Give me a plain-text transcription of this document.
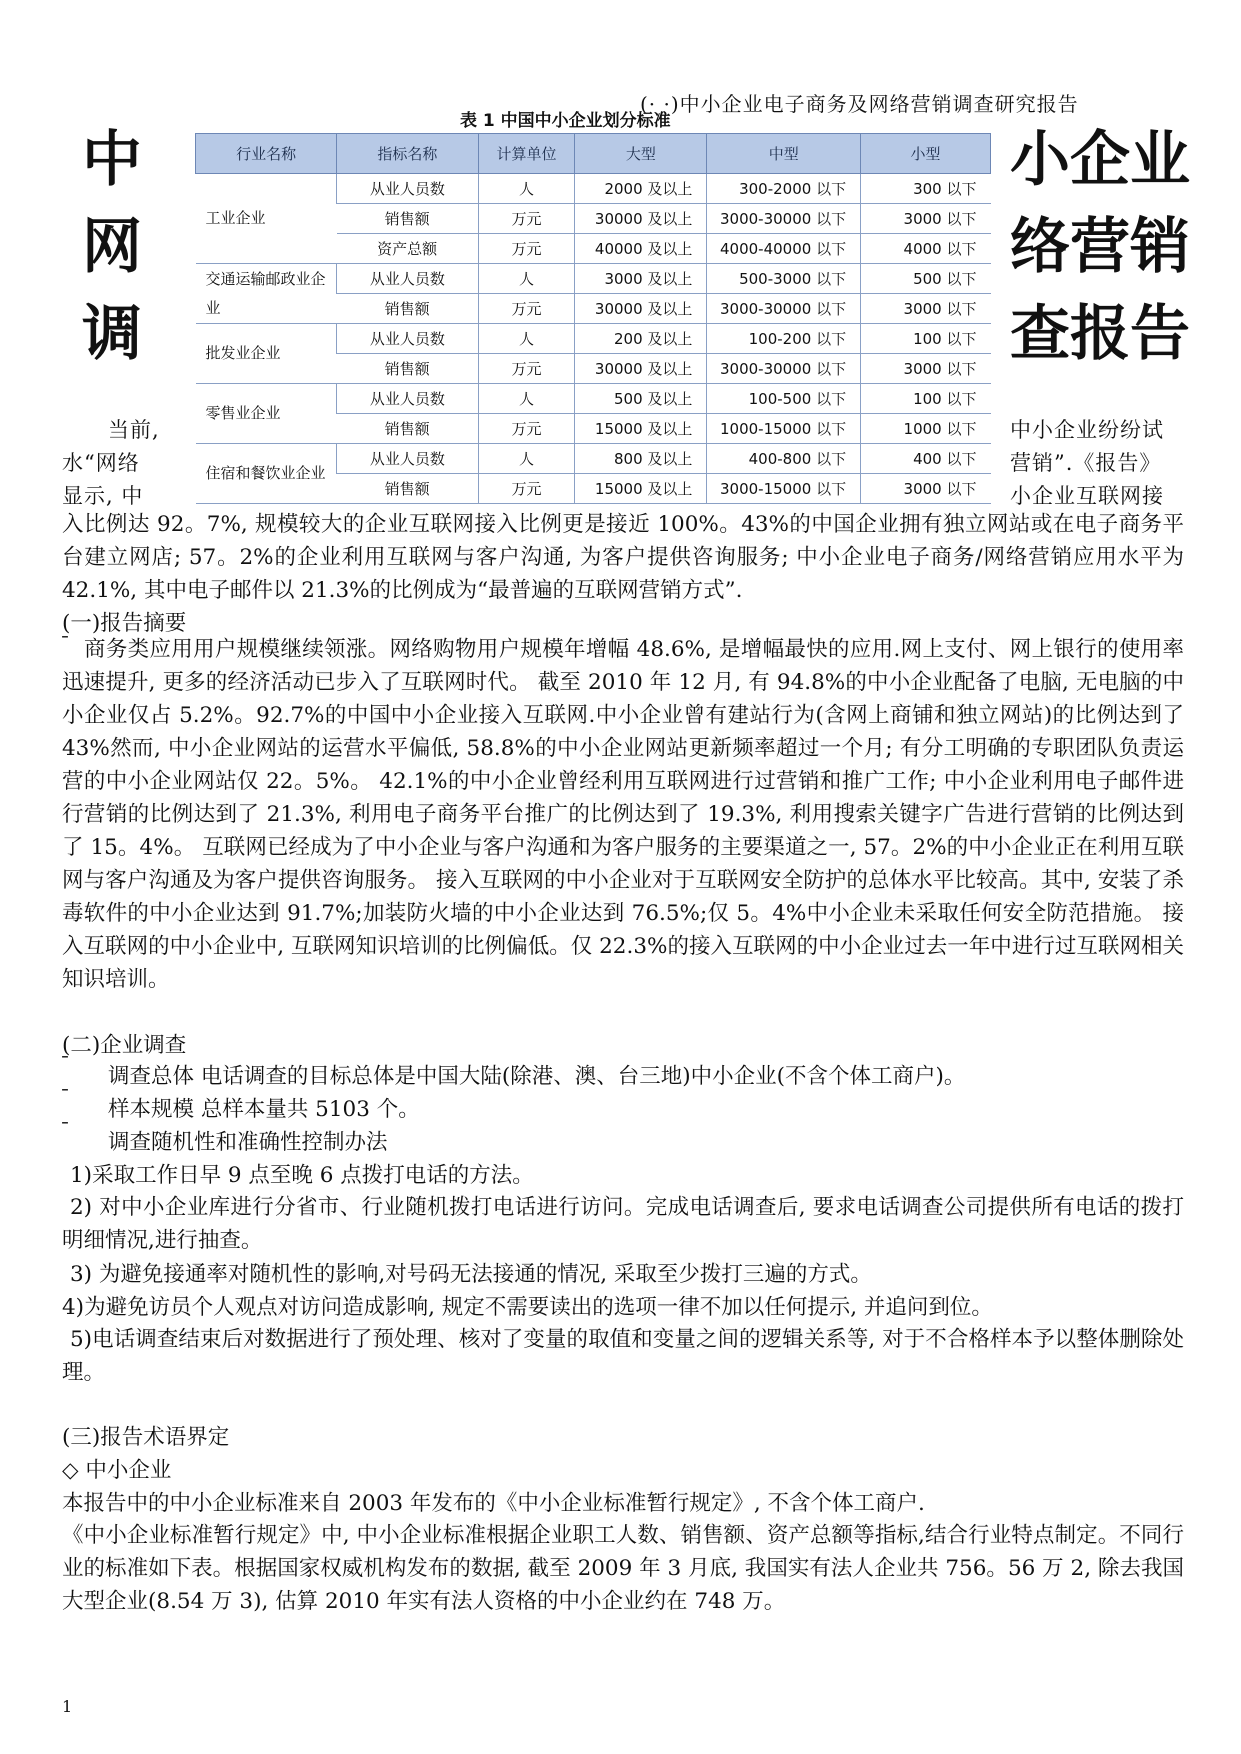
(· ·)中小企业电子商务及网络营销调查研究报告
中
网
调
小企业
络营销
查报告
表 1 中国中小企业划分标准
行业名称	指标名称	计算单位	大型	中型	小型
工业企业	从业人员数	人	2000 及以上	300-2000 以下	300 以下
	销售额	万元	30000 及以上	3000-30000 以下	3000 以下
	资产总额	万元	40000 及以上	4000-40000 以下	4000 以下
交通运输邮政业企业	从业人员数	人	3000 及以上	500-3000 以下	500 以下
	销售额	万元	30000 及以上	3000-30000 以下	3000 以下
批发业企业	从业人员数	人	200 及以上	100-200 以下	100 以下
	销售额	万元	30000 及以上	3000-30000 以下	3000 以下
零售业企业	从业人员数	人	500 及以上	100-500 以下	100 以下
	销售额	万元	15000 及以上	1000-15000 以下	1000 以下
住宿和餐饮业企业	从业人员数	人	800 及以上	400-800 以下	400 以下
	销售额	万元	15000 及以上	3000-15000 以下	3000 以下
当前,	中小企业纷纷试
水“网络	营销”.《报告》
显示, 中	小企业互联网接
入比例达 92。7%, 规模较大的企业互联网接入比例更是接近 100%。43%的中国企业拥有独立网站或在电子商务平台建立网店; 57。2%的企业利用互联网与客户沟通, 为客户提供咨询服务; 中小企业电子商务/网络营销应用水平为 42.1%, 其中电子邮件以 21.3%的比例成为“最普遍的互联网营销方式”.
(一)报告摘要
¯ 商务类应用用户规模继续领涨。网络购物用户规模年增幅 48.6%, 是增幅最快的应用.网上支付、网上银行的使用率迅速提升, 更多的经济活动已步入了互联网时代。 截至 2010 年 12 月, 有 94.8%的中小企业配备了电脑, 无电脑的中小企业仅占 5.2%。92.7%的中国中小企业接入互联网.中小企业曾有建站行为(含网上商铺和独立网站)的比例达到了 43%然而, 中小企业网站的运营水平偏低, 58.8%的中小企业网站更新频率超过一个月; 有分工明确的专职团队负责运营的中小企业网站仅 22。5%。 42.1%的中小企业曾经利用互联网进行过营销和推广工作; 中小企业利用电子邮件进行营销的比例达到了 21.3%, 利用电子商务平台推广的比例达到了 19.3%, 利用搜索关键字广告进行营销的比例达到了 15。4%。 互联网已经成为了中小企业与客户沟通和为客户服务的主要渠道之一, 57。2%的中小企业正在利用互联网与客户沟通及为客户提供咨询服务。 接入互联网的中小企业对于互联网安全防护的总体水平比较高。其中, 安装了杀毒软件的中小企业达到 91.7%;加装防火墙的中小企业达到 76.5%;仅 5。4%中小企业未采取任何安全防范措施。 接入互联网的中小企业中, 互联网知识培训的比例偏低。仅 22.3%的接入互联网的中小企业过去一年中进行过互联网相关知识培训。
(二)企业调查
¯ 调查总体 电话调查的目标总体是中国大陆(除港、澳、台三地)中小企业(不含个体工商户)。
¯ 样本规模 总样本量共 5103 个。
¯ 调查随机性和准确性控制办法
1)采取工作日早 9 点至晚 6 点拨打电话的方法。
2) 对中小企业库进行分省市、行业随机拨打电话进行访问。完成电话调查后, 要求电话调查公司提供所有电话的拨打明细情况,进行抽查。
3) 为避免接通率对随机性的影响,对号码无法接通的情况, 采取至少拨打三遍的方式。
4)为避免访员个人观点对访问造成影响, 规定不需要读出的选项一律不加以任何提示, 并追问到位。
5)电话调查结束后对数据进行了预处理、核对了变量的取值和变量之间的逻辑关系等, 对于不合格样本予以整体删除处理。
(三)报告术语界定
◇ 中小企业
本报告中的中小企业标准来自 2003 年发布的《中小企业标准暂行规定》, 不含个体工商户.
《中小企业标准暂行规定》中, 中小企业标准根据企业职工人数、销售额、资产总额等指标,结合行业特点制定。不同行业的标准如下表。根据国家权威机构发布的数据, 截至 2009 年 3 月底, 我国实有法人企业共 756。56 万 2, 除去我国大型企业(8.54 万 3), 估算 2010 年实有法人资格的中小企业约在 748 万。
1
